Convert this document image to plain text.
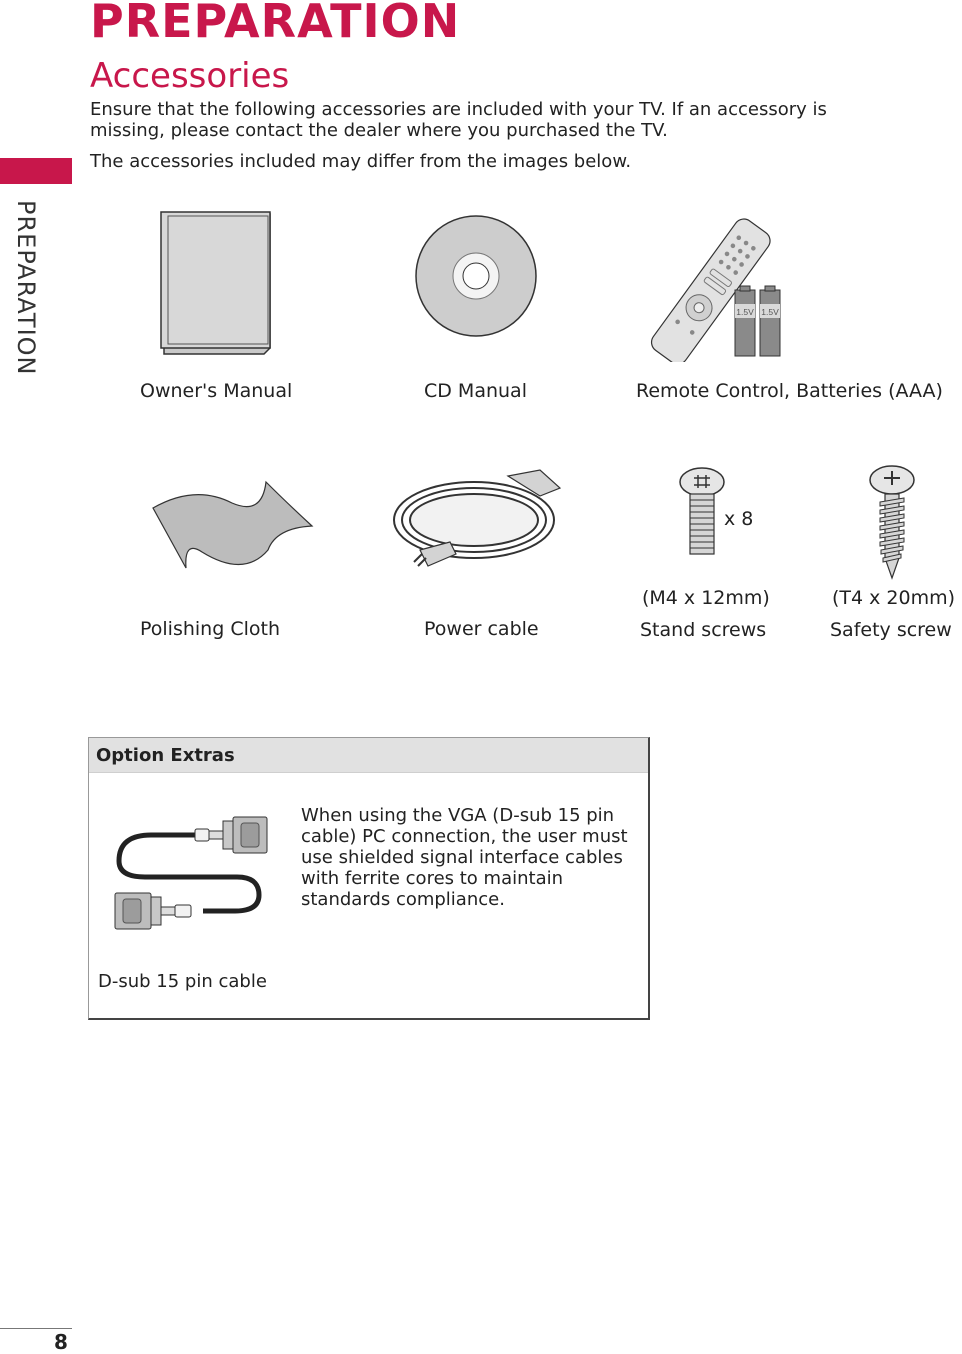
PREPARATION
PREPARATION
Accessories
Ensure that the following accessories are included with your TV. If an accessory is missing, please contact the dealer where you purchased the TV.
The accessories included may differ from the images below.
Owner's Manual	CD Manual
1.5V 1.5V
Remote Control, Batteries (AAA)
Polishing Cloth	Power cable
x 8
(M4 x 12mm)
Stand screws
(T4 x 20mm)
Safety screw
Option Extras
When using the VGA (D-sub 15 pin cable) PC connection, the user must use shielded signal interface cables with ferrite cores to maintain standards compliance.
D-sub 15 pin cable
8
